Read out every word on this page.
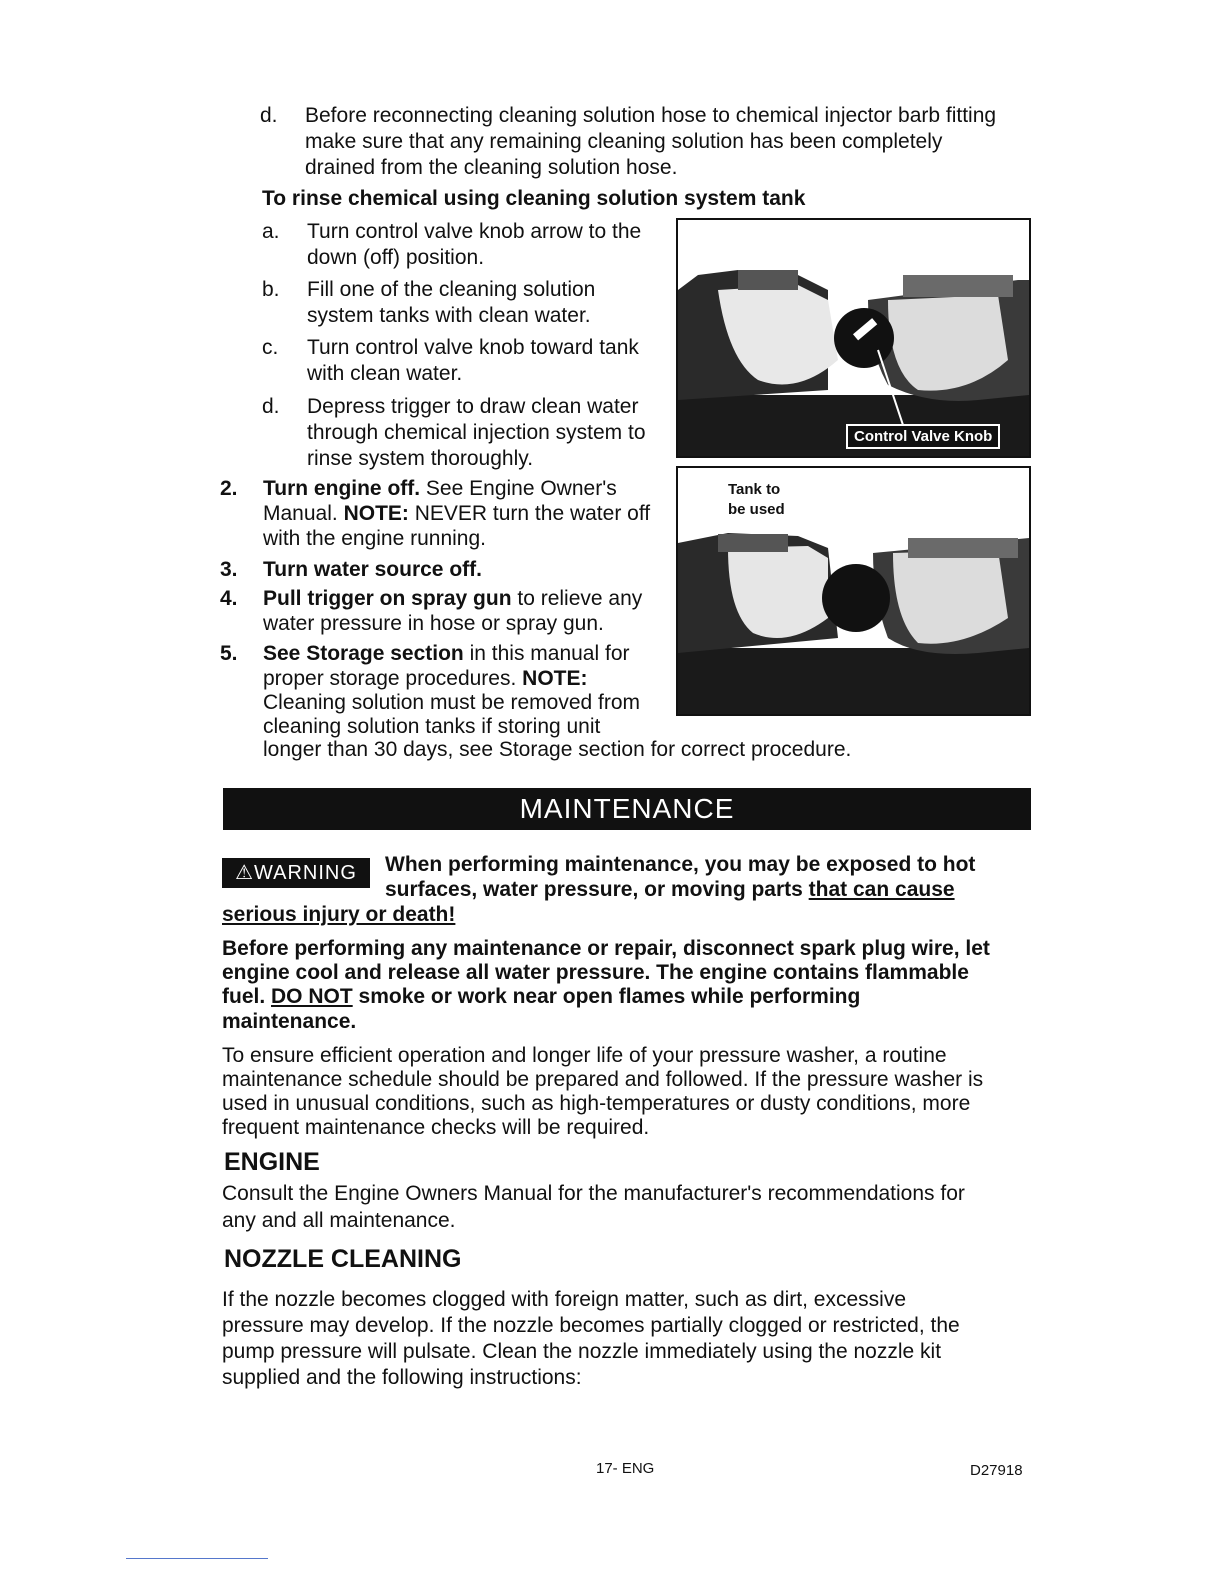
d. Before reconnecting cleaning solution hose to chemical injector barb fitting
make sure that any remaining cleaning solution has been completely
drained from the cleaning solution hose.
To rinse chemical using cleaning solution system tank
a. Turn control valve knob arrow to the
down (off) position.
b. Fill one of the cleaning solution
system tanks with clean water.
c. Turn control valve knob toward tank
with clean water.
d. Depress trigger to draw clean water
through chemical injection system to
rinse system thoroughly.
2. Turn engine off. See Engine Owner's
Manual. NOTE: NEVER turn the water off
with the engine running.
3. Turn water source off.
4. Pull trigger on spray gun to relieve any
water pressure in hose or spray gun.
5. See Storage section in this manual for
proper storage procedures. NOTE:
Cleaning solution must be removed from
cleaning solution tanks if storing unit
longer than 30 days, see Storage section for correct procedure.
Control Valve Knob
Tank to
be used
MAINTENANCE
⚠WARNING	When performing maintenance, you may be exposed to hot
surfaces, water pressure, or moving parts that can cause
serious injury or death!
Before performing any maintenance or repair, disconnect spark plug wire, let
engine cool and release all water pressure. The engine contains flammable
fuel. DO NOT smoke or work near open flames while performing
maintenance.
To ensure efficient operation and longer life of your pressure washer, a routine
maintenance schedule should be prepared and followed. If the pressure washer is
used in unusual conditions, such as high-temperatures or dusty conditions, more
frequent maintenance checks will be required.
ENGINE
Consult the Engine Owners Manual for the manufacturer's recommendations for
any and all maintenance.
NOZZLE CLEANING
If the nozzle becomes clogged with foreign matter, such as dirt, excessive
pressure may develop. If the nozzle becomes partially clogged or restricted, the
pump pressure will pulsate. Clean the nozzle immediately using the nozzle kit
supplied and the following instructions:
17- ENG	D27918
